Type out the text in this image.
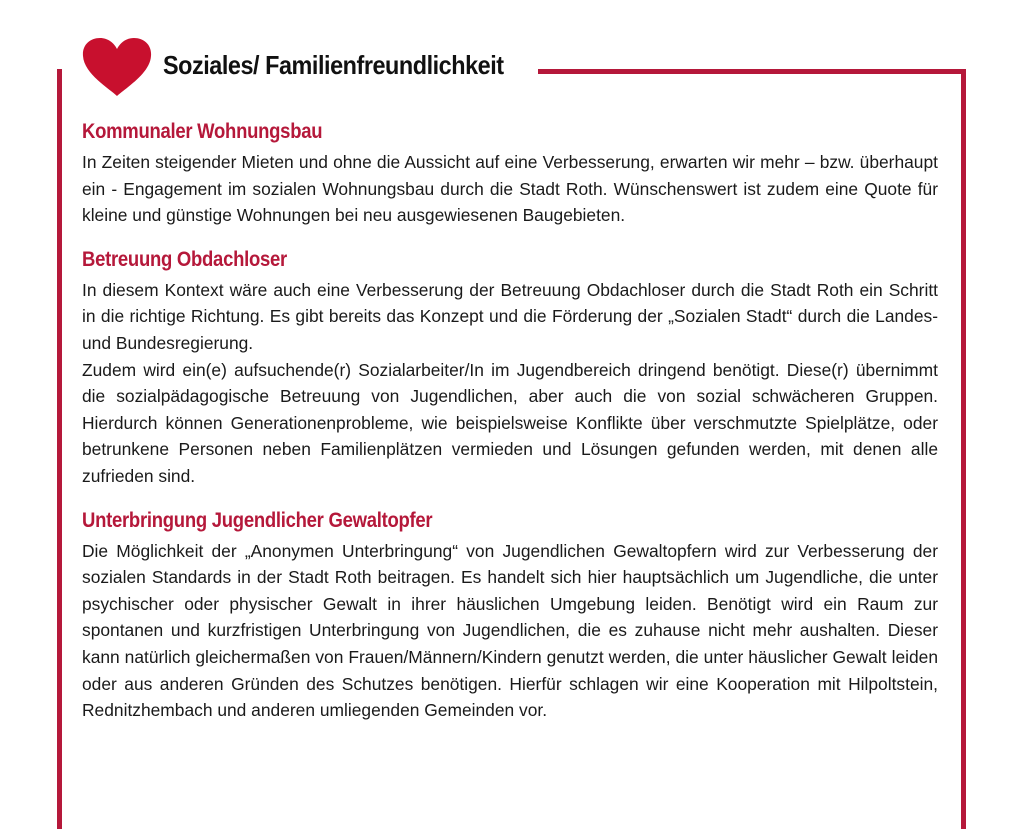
Soziales/ Familienfreundlichkeit
Kommunaler Wohnungsbau

In Zeiten steigender Mieten und ohne die Aussicht auf eine Verbesserung, erwarten wir mehr – bzw. überhaupt ein - Engagement im sozialen Wohnungsbau durch die Stadt Roth. Wünschenswert ist zudem eine Quote für kleine und günstige Wohnungen bei neu ausgewiesenen Baugebieten.

Betreuung Obdachloser

In diesem Kontext wäre auch eine Verbesserung der Betreuung Obdachloser durch die Stadt Roth ein Schritt in die richtige Richtung. Es gibt bereits das Konzept und die Förderung der „Sozialen Stadt“ durch die Landes- und Bundesregierung.

Zudem wird ein(e) aufsuchende(r) Sozialarbeiter/In im Jugendbereich dringend benötigt. Diese(r) übernimmt die sozialpädagogische Betreuung von Jugendlichen, aber auch die von sozial schwächeren Gruppen. Hierdurch können Generationenprobleme, wie beispielsweise Konflikte über verschmutzte Spielplätze, oder betrunkene Personen neben Familienplätzen vermieden und Lösungen gefunden werden, mit denen alle zufrieden sind.

Unterbringung Jugendlicher Gewaltopfer

Die Möglichkeit der „Anonymen Unterbringung“ von Jugendlichen Gewaltopfern wird zur Verbesserung der sozialen Standards in der Stadt Roth beitragen. Es handelt sich hier hauptsächlich um Jugendliche, die unter psychischer oder physischer Gewalt in ihrer häuslichen Umgebung leiden. Benötigt wird ein Raum zur spontanen und kurzfristigen Unterbringung von Jugendlichen, die es zuhause nicht mehr aushalten. Dieser kann natürlich gleichermaßen von Frauen/Männern/Kindern genutzt werden, die unter häuslicher Gewalt leiden oder aus anderen Gründen des Schutzes benötigen. Hierfür schlagen wir eine Kooperation mit Hilpoltstein, Rednitzhembach und anderen umliegenden Gemeinden vor.
